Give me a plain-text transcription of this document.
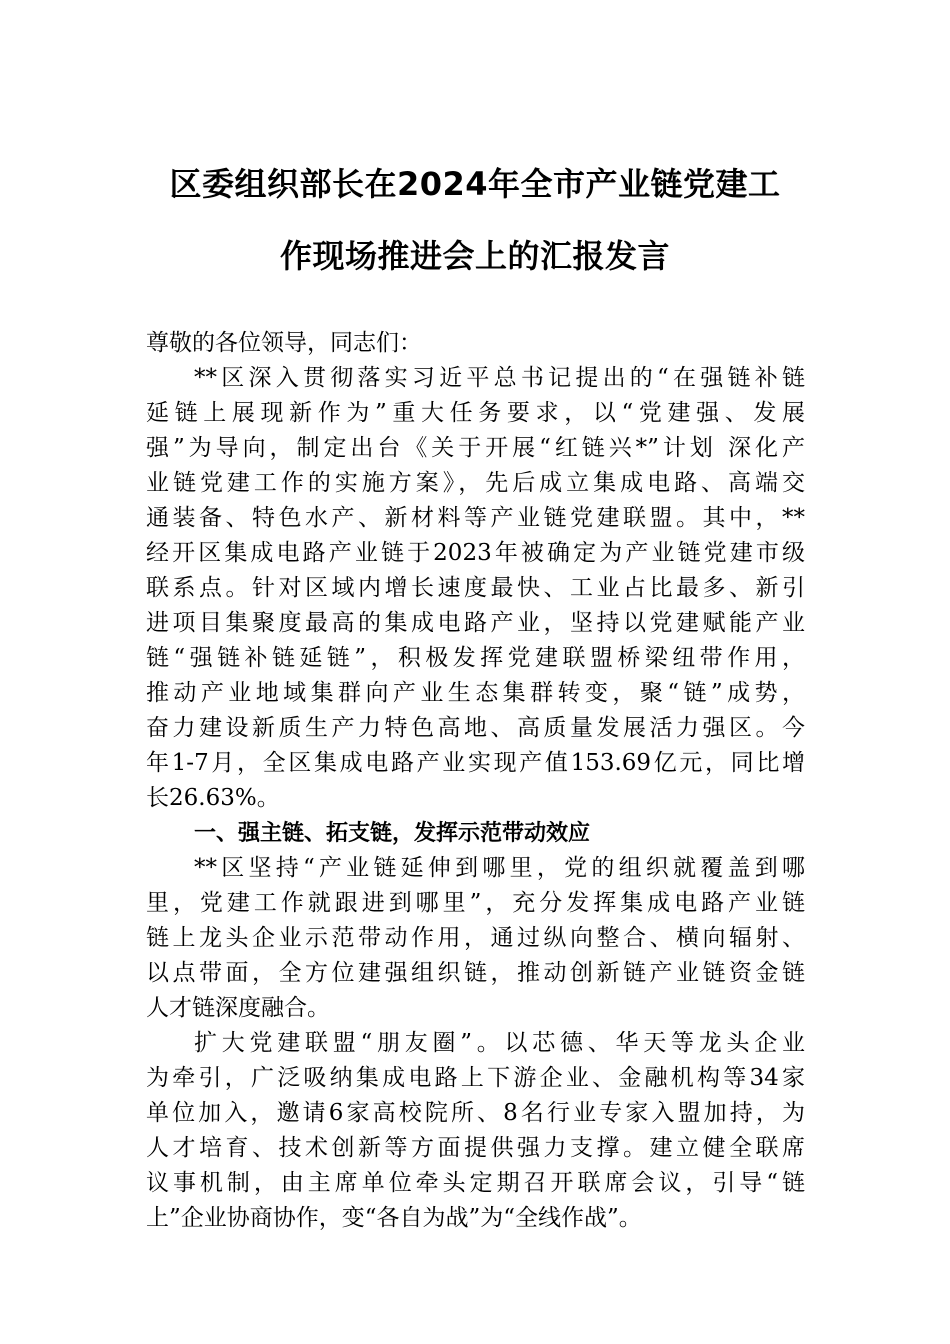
区委组织部长在2024年全市产业链党建工
作现场推进会上的汇报发言
尊敬的各位领导，同志们：
**区深入贯彻落实习近平总书记提出的“在强链补链
延链上展现新作为”重大任务要求，以“党建强、发展
强”为导向，制定出台《关于开展“红链兴*”计划 深化产
业链党建工作的实施方案》，先后成立集成电路、高端交
通装备、特色水产、新材料等产业链党建联盟。其中，**
经开区集成电路产业链于2023年被确定为产业链党建市级
联系点。针对区域内增长速度最快、工业占比最多、新引
进项目集聚度最高的集成电路产业，坚持以党建赋能产业
链“强链补链延链”，积极发挥党建联盟桥梁纽带作用，
推动产业地域集群向产业生态集群转变，聚“链”成势，
奋力建设新质生产力特色高地、高质量发展活力强区。今
年1-7月，全区集成电路产业实现产值153.69亿元，同比增
长26.63%。
一、强主链、拓支链，发挥示范带动效应
**区坚持“产业链延伸到哪里，党的组织就覆盖到哪
里，党建工作就跟进到哪里”，充分发挥集成电路产业链
链上龙头企业示范带动作用，通过纵向整合、横向辐射、
以点带面，全方位建强组织链，推动创新链产业链资金链
人才链深度融合。
扩大党建联盟“朋友圈”。以芯德、华天等龙头企业
为牵引，广泛吸纳集成电路上下游企业、金融机构等34家
单位加入，邀请6家高校院所、8名行业专家入盟加持，为
人才培育、技术创新等方面提供强力支撑。建立健全联席
议事机制，由主席单位牵头定期召开联席会议，引导“链
上”企业协商协作，变“各自为战”为“全线作战”。
